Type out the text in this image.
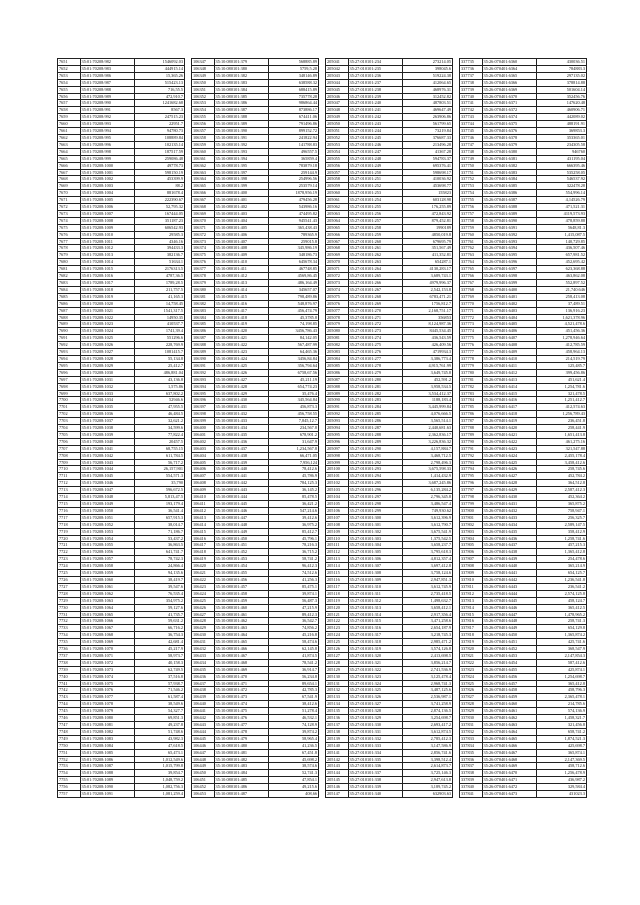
7651	35:01:70208:982	1546092.03
7652	35:01:70208:983	444915.14
7653	35:01:70208:986	15,365.26
7654	35:01:70208:987	515423.13
7655	35:01:70208:988	716,55.5
7656	35:01:70208:989	472,910.7
7657	35:01:70208:990	1241682.68
7658	35:01:70208:991	8567.3
7659	35:01:70208:992	247515.23
7660	35:01:70208:993	22951.7
7661	35:01:70208:994	94780.73
7662	35:01:70208:995	108889.84
7663	35:01:70208:996	102135.14
7664	35:01:70208:998	187517.59
7665	35:01:70208:999	259086.48
7666	35:01:70208:1000	49778.73
7667	35:01:70208:1001	598150.19
7668	35:01:70208:1002	453399.9
7669	35:01:70208:1003	88.2
7670	35:01:70208:1004	881678.4
7671	35:01:70208:1005	222390.67
7672	35:01:70208:1006	52,795.32
7673	35:01:70208:1007	167444.05
7674	35:01:70208:1008	351187.23
7675	35:01:70208:1009	606542.93
7676	35:01:70208:1010	29585.3
7677	35:01:70208:1011	4346.16
7678	35:01:70208:1012	394433.3
7679	35:01:70208:1013	382136.7
7680	35:01:70208:1014	51634.1
7681	35:01:70208:1015	2176313.5
7682	35:01:70208:1016	4787,36.5
7683	35:01:70208:1017	1789,28.5
7684	35:01:70208:1018	211,757.5
7685	35:01:70208:1019	41,165.3
7686	35:01:70208:1020	14,758.45
7687	35:01:70208:1021	1541,317.5
7688	35:01:70208:1022	14950.35
7689	35:01:70208:1023	410537.7
7690	35:01:70208:1024	1741,39.4
7691	35:01:70208:1025	551296.6
7692	35:01:70208:1026	228,769.9
7693	35:01:70208:1027	1081415.7
7694	35:01:70208:1028	55,134.8
7695	35:01:70208:1029	25,412.7
7696	35:01:70208:1030	486,881.04
7697	35:01:70208:1031	43,136.8
7698	35:01:70208:1032	1,575.86
7699	35:01:70208:1033	637,802.2
7700	35:01:70208:1034	52946.6
7701	35:01:70208:1035	47,955.5
7702	35:01:70208:1036	46,484.5
7703	35:01:70208:1037	32,621.2
7704	35:01:70208:1038	34,599.6
7705	35:01:70208:1039	77,822.4
7706	35:01:70208:1040	20457.5
7707	35:01:70208:1041	68,755.15
7708	35:01:70208:1042	611,784.5
7709	35:01:70208:1043	56,717.2
7710	35:01:70208:1044	26,157,901
7711	35:01:70208:1045	554,571.3
7712	35:01:70208:1046	35,790
7713	35:01:70208:1047	596,672.5
7714	35:01:70208:1048	5,813,47.5
7715	35:01:70208:1049	193,179.4
7716	35:01:70208:1050	36,541.4
7717	35:01:70208:1051	657,915.3
7718	35:01:70208:1052	38,014.7
7719	35:01:70208:1053	71,186.7
7720	35:01:70208:1054	53,437.2
7721	35:01:70208:1055	36,863.5
7722	35:01:70208:1056	641,741.7
7723	35:01:70208:1057	78,742.3
7724	35:01:70208:1058	24,866.4
7725	35:01:70208:1059	94,135.6
7726	35:01:70208:1060	38,419.7
7727	35:01:70208:1061	39,547.6
7728	35:01:70208:1062	76,535.4
7729	35:01:70208:1063	354,975.2
7730	35:01:70208:1064	59,127.6
7731	35:01:70208:1065	41,735.7
7732	35:01:70208:1066	59,631.2
7733	35:01:70208:1067	66,716.2
7734	35:01:70208:1068	36,754.3
7735	35:01:70208:1069	42,681.4
7736	35:01:70208:1070	45,217.9
7737	35:01:70208:1071	58,973.7
7738	35:01:70208:1072	40,158.3
7739	35:01:70208:1073	62,749.5
7740	35:01:70208:1074	37,516.8
7741	35:01:70208:1075	57,938.7
7742	35:01:70208:1076	71,546.2
7743	35:01:70208:1077	61,587.4
7744	35:01:70208:1078	38,549.6
7745	35:01:70208:1079	54,327.7
7746	35:01:70208:1080	69,851.3
7747	35:01:70208:1081	49,237.8
7748	35:01:70208:1082	51,748.6
7749	35:01:70208:1083	43,982.3
7750	35:01:70208:1084	47,618.5
7751	35:01:70208:1085	65,473.1
7752	35:01:70208:1086	1,012,549.6
7753	35:01:70208:1087	1,015,799.8
7754	35:01:70208:1088	39,854.7
7755	35:01:70208:1089	1,048,759.2
7756	35:01:70208:1090	1,082,756.3
7757	35:01:70208:1091	1,081,259.4
106347	35:10:080101:379	568885.89
106348	35:10:080101:380	5759,5.28
106349	35:10:080101:382	348146.89
106350	35:10:080101:383	638588.32
106351	35:10:080101:384	688415.89
106352	35:10:080101:385	735778.28
106353	35:10:080101:386	986864.44
106354	35:10:080101:387	873886.17
106355	35:10:080101:388	674411.06
106356	35:10:080101:389	791496.86
106357	35:10:080101:390	899152.72
106358	35:10:080101:391	241822.94
106359	35:10:080101:392	141788.83
106360	35:10:080101:393	496557.5
106361	35:10:080101:394	365859.4
106362	35:10:080101:395	783879.18
106363	35:10:080101:397	259144.9
106364	35:10:080101:398	254996.56
106365	35:10:080101:399	253579.14
106366	35:10:080101:400	1878,956.19
106367	35:10:080101:401	479456.28
106368	35:10:080101:402	543986.16
106369	35:10:080101:403	474495.82
106370	35:10:080101:404	945541.43
106371	35:10:080101:405	365,438.43
106372	35:10:080101:406	789365.9
106373	35:10:080101:407	259015.8
106374	35:10:080101:408	345,986.19
106375	35:10:080101:409	348186.73
106376	35:10:080101:410	645678.34
106377	35:10:080101:411	467748.85
106378	35:10:080101:412	4569,86.45
106379	35:10:080101:413	486,164.49
106380	35:10:080101:414	345657.07
106381	35:10:080101:415	798,489.86
106382	35:10:080101:416	548,876.97
106383	35:10:080101:417	456,474.79
106384	35:10:080101:418	45,3785.8
106385	35:10:080101:419	74,198.85
106386	35:10:080101:420	3456,786.43
106387	35:10:080101:421	84,142.05
106388	35:10:080101:422	567,487.99
106389	35:10:080101:423	64,465.36
106390	35:10:080101:424	3456,84.84
106391	35:10:080101:425	356,794.64
106392	35:10:080101:426	6758,67.56
106393	35:10:080101:427	45,211.19
106394	35:10:080101:428	654,774.23
106395	35:10:080101:429	35,476.4
106396	35:10:080101:430	345,564.84
106397	35:10:080101:431	456,873.3
106398	35:10:080101:432	456,758.55
106399	35:10:080101:433	7,845,12.7
106400	35:10:080101:434	234,567.8
106401	35:10:080101:435	678,901.2
106402	35:10:080101:436	31,647.9
106403	35:10:080101:437	1,234,567.8
106404	35:10:080101:438	66,471.05
106405	35:10:080101:439	7,956,124
106406	35:10:080101:440	78,412.6
106407	35:10:080101:441	45,786.9
106408	35:10:080101:442	784,125.3
106409	35:10:080101:443	36,145.2
106410	35:10:080101:444	85,478.5
106411	35:10:080101:445	36,421.2
106412	35:10:080101:446	547,214.6
106413	35:10:080101:447	39,412.6
106414	35:10:080101:448	36,975.2
106415	35:10:080101:449	85,412.7
106416	35:10:080101:450	45,796.1
106417	35:10:080101:451	78,216.3
106418	35:10:080101:452	36,715.2
106419	35:10:080101:453	58,741.2
106420	35:10:080101:454	96,412.3
106421	35:10:080101:455	74,512.6
106422	35:10:080101:456	41,256.3
106423	35:10:080101:457	85,475.1
106424	35:10:080101:458	39,874.1
106425	35:10:080101:459	56,487.3
106426	35:10:080101:460	47,215.9
106427	35:10:080101:461	89,412.3
106428	35:10:080101:462	36,542.7
106429	35:10:080101:463	74,856.2
106430	35:10:080101:464	45,216.8
106431	35:10:080101:465	58,474.6
106432	35:10:080101:466	62,145.8
106433	35:10:080101:467	41,874.5
106434	35:10:080101:468	78,541.2
106435	35:10:080101:469	36,914.7
106436	35:10:080101:470	56,234.8
106437	35:10:080101:471	89,654.1
106438	35:10:080101:472	42,785.3
106439	35:10:080101:473	67,541.9
106440	35:10:080101:474	38,412.6
106441	35:10:080101:475	51,278.4
106442	35:10:080101:476	46,532.1
106443	35:10:080101:477	74,128.9
106444	35:10:080101:478	39,874.2
106445	35:10:080101:479	58,965.4
106446	35:10:080101:480	41,236.5
106447	35:10:080101:481	67,451.8
106448	35:10:080101:482	45,698.2
106449	35:10:080101:483	38,574.6
106450	35:10:080101:484	52,741.3
106451	35:10:080101:485	47,854.1
106452	35:10:080101:486	49,215.6
106453	35:10:080101:487	408,66
205041	35:27:010101:234	273214.05
205042	35:27:010101:235	398045.6
205043	35:27:010101:236	519224.38
205044	35:27:010101:237	412064.65
205045	35:27:010101:238	468976.31
205046	35:27:010101:239	312452.82
205047	35:27:010101:240	487803.51
205048	35:27:010101:241	469647.49
205049	35:27:010101:242	263906.86
205050	35:27:010101:243	561799.65
205051	35:27:010101:244	73219.84
205052	35:27:010101:245	376687.33
205053	35:27:010101:246	213496.28
205054	35:27:010101:247	41367.28
205055	35:27:010101:248	594783.37
205056	35:27:010101:249	695376.41
205057	35:27:010101:250	598698.17
205058	35:27:010101:251	410036.92
205059	35:27:010101:252	453698.77
205060	35:27:010101:253	155823
205061	35:27:010101:254	603128.98
205062	35:27:010101:255	176,255.89
205063	35:27:010101:256	472,843.92
205064	35:27:010101:257	879,452.81
205065	35:27:010101:258	1990189
205066	35:27:010101:259	4850,019.8
205067	35:27:010101:260	679695.79
205068	35:27:010101:261	351,567.49
205069	35:27:010101:262	411,352.81
205070	35:27:010101:263	654287.1
205071	35:27:010101:264	4130,283.17
205072	35:27:010101:265	3,689,743.1
205073	35:27:010101:266	4979,996.37
205074	35:27:010101:267	2,542,153.8
205075	35:27:010101:268	6783,471.21
205076	35:27:010101:269	1756,812.7
205077	35:27:010101:270	2,168,751.17
205078	35:27:010101:271	356853
205079	35:27:010101:272	8,124,987.36
205080	35:27:010101:273	8445,534.45
205081	35:27:010101:274	436,543.59
205082	35:27:010101:275	426,409.56
205083	35:27:010101:276	4719934.3
205084	35:27:010101:277	3,386,773.4
205085	35:27:010101:278	4,915,761.99
205086	35:27:010101:279	3,649,745.8
205087	35:27:010101:280	452,591.2
205088	35:27:010101:281	3,958,534.5
205089	35:27:010101:282	3,534,412.37
205090	35:27:010101:283	1188,183.4
205091	35:27:010101:284	3,445,999.84
205092	35:27:010101:285	4,076,666.5
205093	35:27:010101:286	3,565,514.1
205094	35:27:010101:287	2,440,681.63
205095	35:27:010101:288	2,362,836.17
205096	35:27:010101:289	3,226,836.32
205097	35:27:010101:290	4,157,884.7
205098	35:27:010101:291	3,468,712.5
205099	35:27:010101:292	2,798,496.3
205100	35:27:010101:293	3,675,598.33
205101	35:27:010101:294	1,414,432.9
205102	35:27:010101:295	3,687,245.86
205103	35:27:010101:296	6,135,284.2
205104	35:27:010101:297	2,796,345.8
205105	35:27:010101:298	3,486,547.4
205106	35:27:010101:299	749,930.62
205107	35:27:010101:300	3,612,396.9
205108	35:27:010101:301	3,612,790.7
205109	35:27:010101:302	3,675,541.9
205110	35:27:010101:303	1,375,542.5
205111	35:27:010101:304	3,658,237.7
205112	35:27:010101:305	3,795,618.3
205113	35:27:010101:306	4,812,357.4
205114	35:27:010101:307	3,697,412.8
205115	35:27:010101:308	3,758,124.6
205116	35:27:010101:309	2,947,851.3
205117	35:27:010101:310	3,612,745.9
205118	35:27:010101:311	2,735,418.5
205119	35:27:010101:312	1,498,632.7
205120	35:27:010101:313	3,658,412.1
205121	35:27:010101:314	2,917,356.4
205122	35:27:010101:315	3,471,258.6
205123	35:27:010101:316	2,654,187.9
205124	35:27:010101:317	3,218,745.3
205125	35:27:010101:318	2,985,471.2
205126	35:27:010101:319	3,574,126.8
205127	35:27:010101:320	2,413,698.5
205128	35:27:010101:321	3,856,214.7
205129	35:27:010101:322	2,741,536.9
205130	35:27:010101:323	3,125,478.4
205131	35:27:010101:324	2,968,741.3
205132	35:27:010101:325	3,487,125.6
205133	35:27:010101:326	2,536,987.1
205134	35:27:010101:327	3,741,258.9
205135	35:27:010101:328	2,874,136.5
205136	35:27:010101:329	3,254,698.7
205137	35:27:010101:330	2,693,417.2
205138	35:27:010101:331	3,612,874.5
205139	35:27:010101:332	2,785,412.3
205140	35:27:010101:333	3,147,586.9
205141	35:27:010101:334	2,856,741.6
205142	35:27:010101:335	3,398,512.4
205143	35:27:010101:336	2,614,873.7
205144	35:27:010101:337	3,725,146.3
205145	35:27:010101:338	2,947,613.8
205146	35:27:010101:339	3,189,745.2
205147	35:27:010101:340	632903.63
337735	35:26:070401:6360	430036.51
337736	35:26:070401:6364	784883.3
337737	35:26:070401:6365	297135.02
337738	35:26:070401:6366	378814.88
337739	35:26:070401:6369	501604.14
337740	35:26:070401:6370	352456.76
337741	35:26:070401:6371	147620.48
337742	35:26:070401:6372	460906.71
337743	35:26:070401:6374	442089.02
337744	35:26:070401:6375	488191.91
337745	35:26:070401:6376	369853.3
337746	35:26:070401:6378	353365.01
337747	35:26:070401:6379	234305.58
337748	35:26:070401:6380	946760
337749	35:26:070401:6381	431195.04
337750	35:26:070401:6382	666395.46
337751	35:26:070401:6383	535258.05
337752	35:26:070401:6384	546537.92
337753	35:26:070401:6385	322478.28
337754	35:26:070401:6386	554,996.14
337755	35:26:070401:6387	4,14526.79
337756	35:26:070401:6388	471,521.31
337757	35:26:070401:6389	4119,573.93
337758	35:26:070401:6390	478,859.88
337759	35:26:070401:6391	5648,81.3
337760	35:26:070401:6392	1,415,087.5
337761	35:26:070401:6393	140,729.85
337762	35:26:070401:6394	436,507.46
337763	35:26:070401:6395	657,981.52
337764	35:26:070401:6396	452,695.42
337765	35:26:070401:6397	623,368.88
337766	35:26:070401:6398	463,862.08
337767	35:26:070401:6399	552,897.52
337768	35:26:070401:6400	21,740.646
337769	35:26:070401:6401	258,413.08
337770	35:26:070401:6402	37,489.51
337771	35:26:070401:6403	136,916.23
337772	35:26:070401:6404	1,621,378.96
337773	35:26:070401:6405	4,521,478.6
337774	35:26:070401:6406	451,456.36
337775	35:26:070401:6407	1,278,946.64
337776	35:26:070401:6408	412,785.59
337777	35:26:070401:6409	458,964.13
337778	35:26:070401:6410	214,519.79
337779	35:26:070401:6411	125,485.7
337780	35:26:070401:6412	399,456.86
337781	35:26:070401:6413	451,621.4
337782	35:26:070401:6414	1,254,781.6
337783	35:26:070401:6415	321,478.5
337784	35:26:070401:6416	1,251,412.7
337785	35:26:070401:6417	412,574.63
337786	35:26:070401:6418	1,256,789.43
337787	35:26:070401:6419	236,451.8
337788	35:26:070401:6420	258,441.9
337789	35:26:070401:6421	1,651,413.8
337790	35:26:070401:6422	461,275.16
337791	35:26:070401:6423	321,547.88
337792	35:26:070401:6424	2,455,178.4
337793	35:26:070401:6425	3,458,412.6
337794	35:26:070401:6426	258,745.6
337795	35:26:070401:6427	452,784.2
337796	35:26:070401:6428	364,512.8
337797	35:26:070401:6429	2,587,412.3
337798	35:26:070401:6430	452,364.2
337799	35:26:070401:6431	365,875.2
337800	35:26:070401:6432	758,947.1
337801	35:26:070401:6433	256,325.7
337802	35:26:070401:6434	2,589,147.5
337803	35:26:070401:6435	358,412.9
337804	35:26:070401:6436	1,258,741.6
337805	35:26:070401:6437	457,215.3
337806	35:26:070401:6438	1,365,412.8
337807	35:26:070401:6439	254,478.6
337808	35:26:070401:6440	365,214.9
337809	35:26:070401:6441	654,125.7
337810	35:26:070401:6442	1,236,541.8
337811	35:26:070401:6443	236,541.2
337812	35:26:070401:6444	2,574,125.8
337813	35:26:070401:6445	458,124.7
337814	35:26:070401:6446	365,412.5
337815	35:26:070401:6447	1,478,965.2
337816	35:26:070401:6448	258,741.3
337817	35:26:070401:6449	654,129.8
337818	35:26:070401:6450	1,365,874.2
337819	35:26:070401:6451	425,741.6
337820	35:26:070401:6452	368,547.9
337821	35:26:070401:6453	2,147,854.3
337822	35:26:070401:6454	587,412.6
337823	35:26:070401:6455	425,874.1
337824	35:26:070401:6456	1,254,698.7
337825	35:26:070401:6457	365,412.8
337826	35:26:070401:6458	458,796.3
337827	35:26:070401:6459	2,365,478.1
337828	35:26:070401:6460	214,785.6
337829	35:26:070401:6461	574,136.9
337830	35:26:070401:6462	1,458,321.7
337831	35:26:070401:6463	321,456.8
337832	35:26:070401:6464	658,741.2
337833	35:26:070401:6465	1,874,521.3
337834	35:26:070401:6466	425,698.7
337835	35:26:070401:6467	365,874.1
337836	35:26:070401:6468	2,147,369.5
337837	35:26:070401:6469	458,712.6
337838	35:26:070401:6470	1,256,478.9
337839	35:26:070401:6471	436,987.2
337840	35:26:070401:6472	329,584.4
337841	35:26:070401:6473	431023.3
